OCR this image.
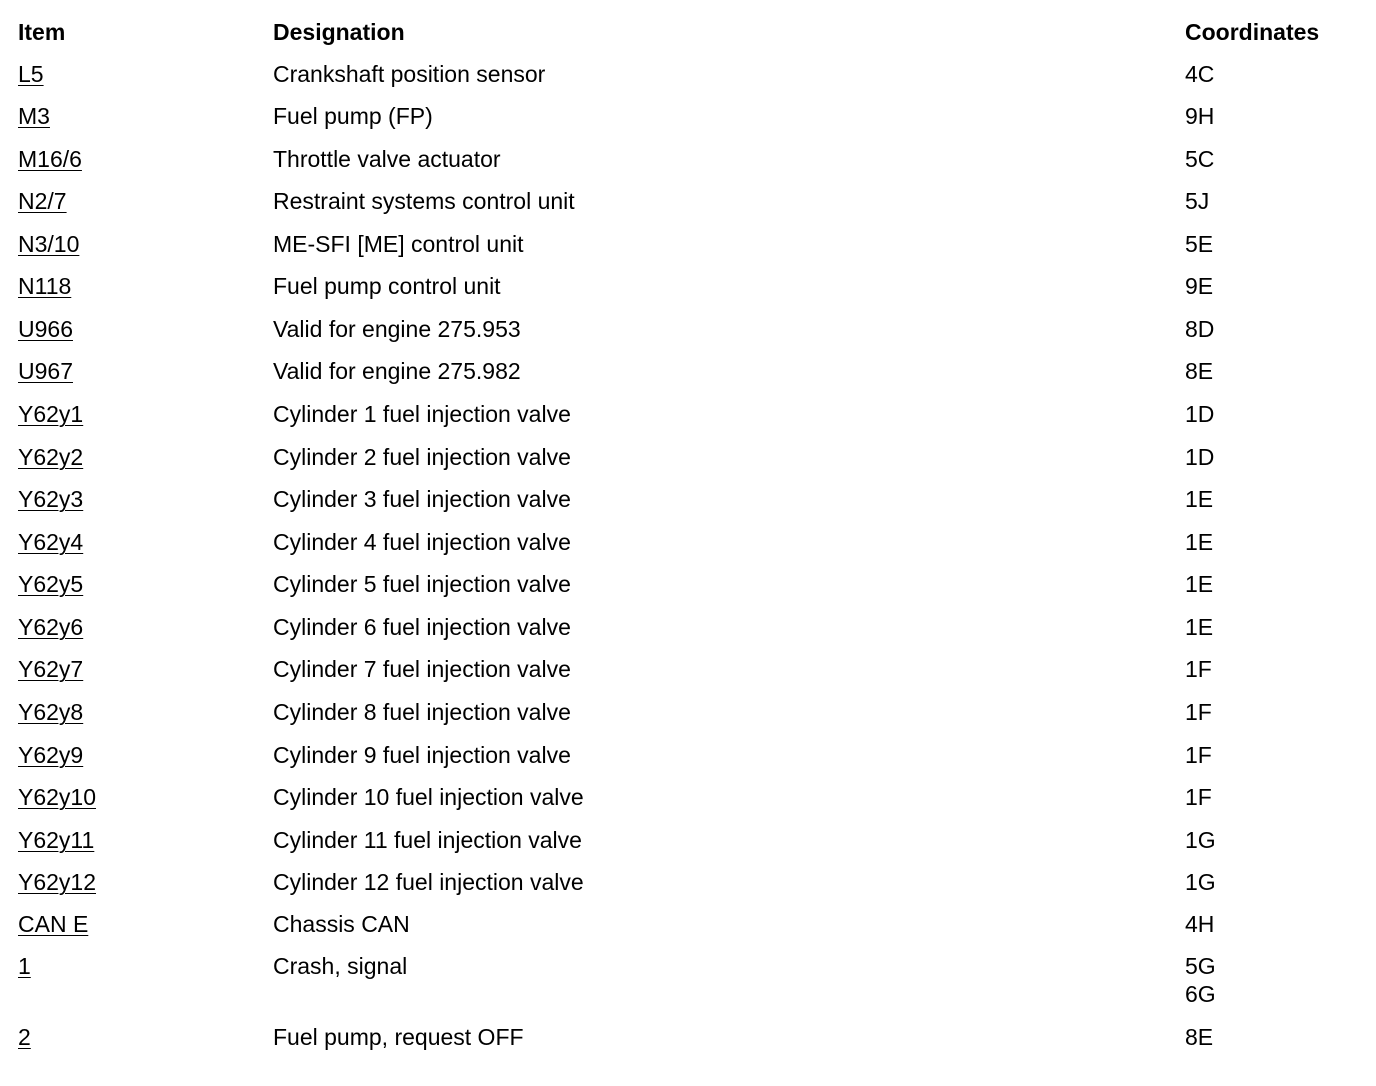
Item	Designation	Coordinates
L5	Crankshaft position sensor	4C
M3	Fuel pump (FP)	9H
M16/6	Throttle valve actuator	5C
N2/7	Restraint systems control unit	5J
N3/10	ME-SFI [ME] control unit	5E
N118	Fuel pump control unit	9E
U966	Valid for engine 275.953	8D
U967	Valid for engine 275.982	8E
Y62y1	Cylinder 1 fuel injection valve	1D
Y62y2	Cylinder 2 fuel injection valve	1D
Y62y3	Cylinder 3 fuel injection valve	1E
Y62y4	Cylinder 4 fuel injection valve	1E
Y62y5	Cylinder 5 fuel injection valve	1E
Y62y6	Cylinder 6 fuel injection valve	1E
Y62y7	Cylinder 7 fuel injection valve	1F
Y62y8	Cylinder 8 fuel injection valve	1F
Y62y9	Cylinder 9 fuel injection valve	1F
Y62y10	Cylinder 10 fuel injection valve	1F
Y62y11	Cylinder 11 fuel injection valve	1G
Y62y12	Cylinder 12 fuel injection valve	1G
CAN E	Chassis CAN	4H
1	Crash, signal	5G
6G
2	Fuel pump, request OFF	8E
